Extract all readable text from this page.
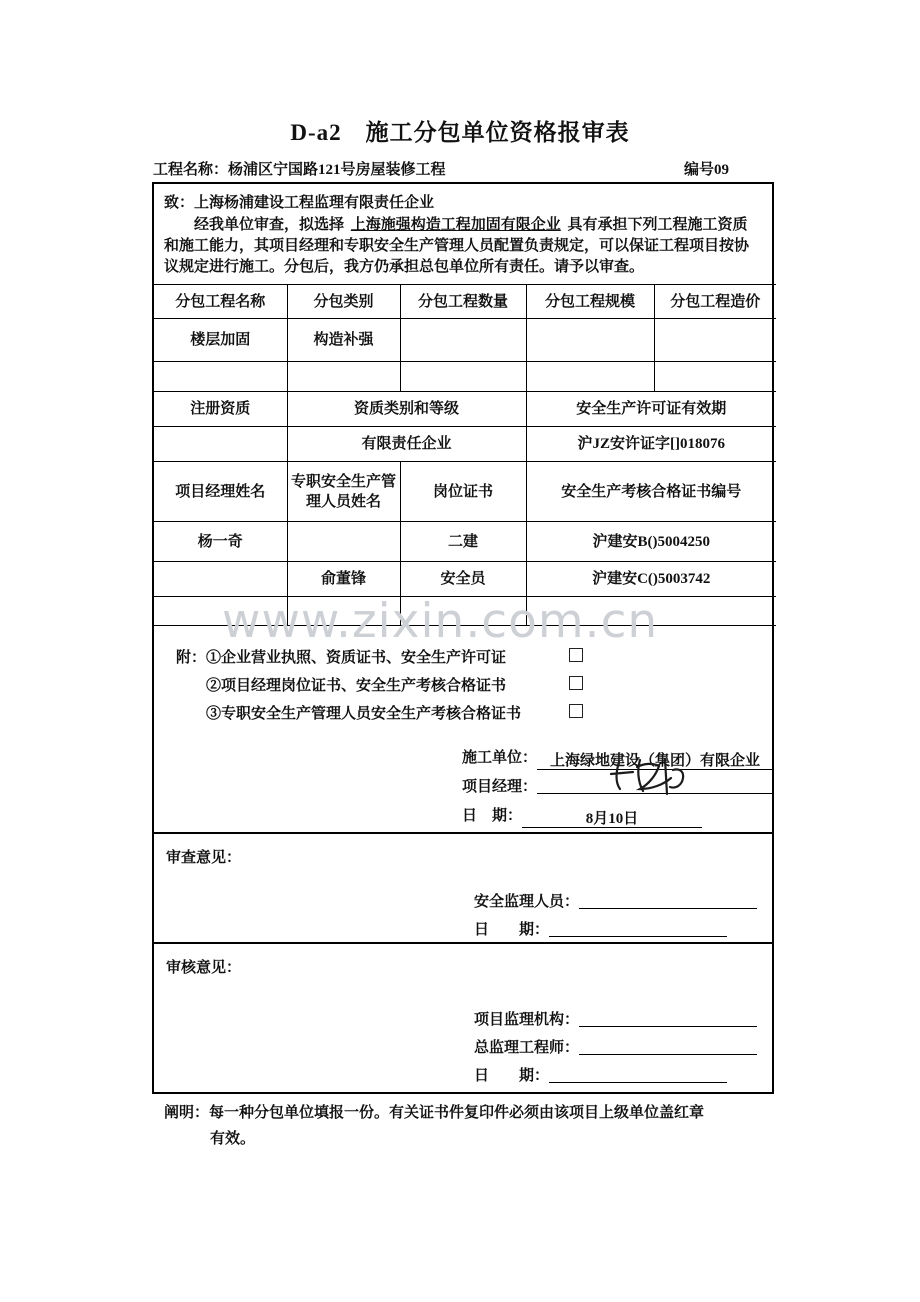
D-a2　施工分包单位资格报审表
工程名称：杨浦区宁国路121号房屋装修工程	编号09
致：上海杨浦建设工程监理有限责任企业

经我单位审查，拟选择 上海施强构造工程加固有限企业 具有承担下列工程施工资质和施工能力，其项目经理和专职安全生产管理人员配置负责规定，可以保证工程项目按协议规定进行施工。分包后，我方仍承担总包单位所有责任。请予以审查。

分包工程名称	分包类别	分包工程数量	分包工程规模	分包工程造价
楼层加固	构造补强			

注册资质	资质类别和等级		安全生产许可证有效期	
	有限责任企业		沪JZ安许证字[]018076	
项目经理姓名	专职安全生产管理人员姓名	岗位证书	安全生产考核合格证书编号	
杨一奇		二建	沪建安B()5004250	
	俞董锋	安全员	沪建安C()5003742	

附：①企业营业执照、资质证书、安全生产许可证
②项目经理岗位证书、安全生产考核合格证书
③专职安全生产管理人员安全生产考核合格证书
施工单位： 上海绿地建设（集团）有限企业
项目经理：
日　期：	8月10日
审查意见：
安全监理人员：
日　　期：
审核意见：
项目监理机构：
总监理工程师：
日　　期：
www.zixin.com.cn
阐明：每一种分包单位填报一份。有关证书件复印件必须由该项目上级单位盖红章
有效。
